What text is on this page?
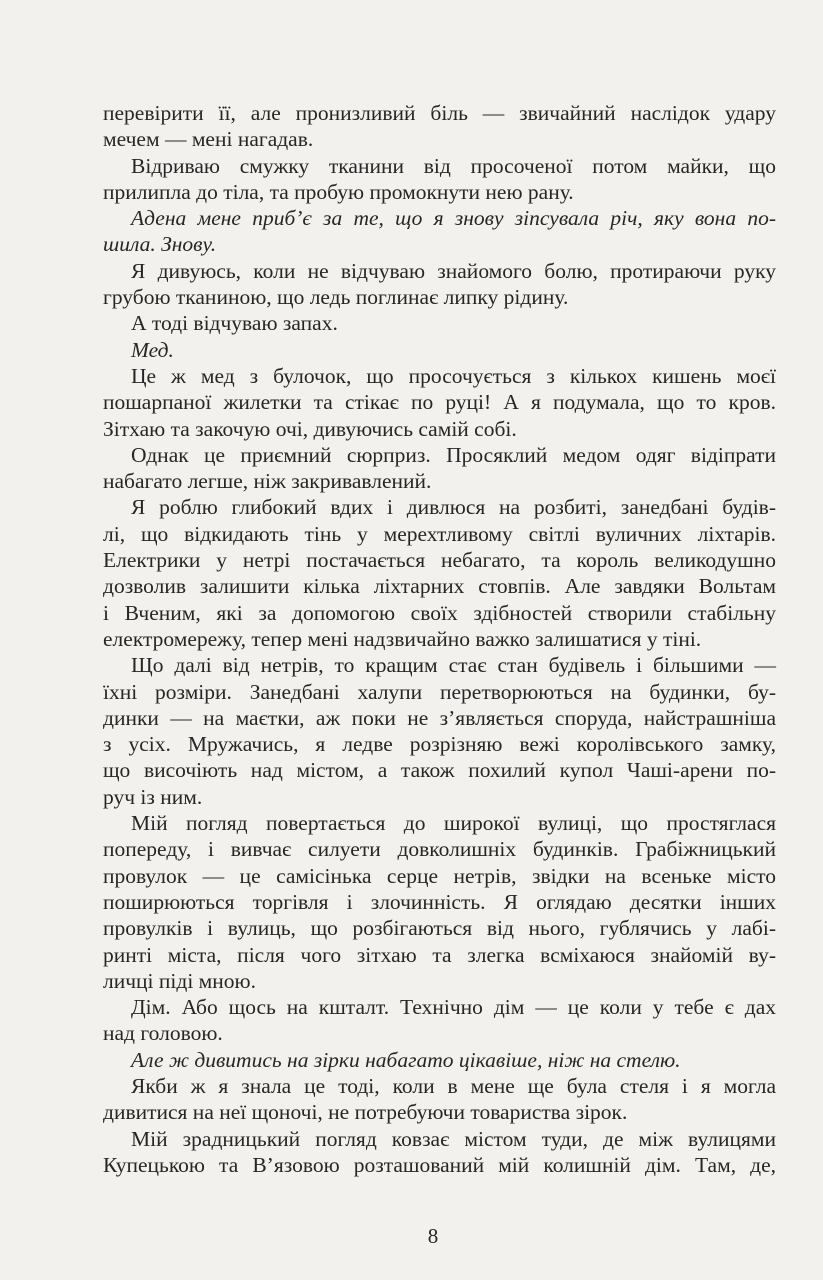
перевірити її, але пронизливий біль — звичайний наслідок удару
мечем — мені нагадав.
Відриваю смужку тканини від просоченої потом майки, що
прилипла до тіла, та пробую промокнути нею рану.
Адена мене приб’є за те, що я знову зіпсувала річ, яку вона по-
шила. Знову.
Я дивуюсь, коли не відчуваю знайомого болю, протираючи руку
грубою тканиною, що ледь поглинає липку рідину.
А тоді відчуваю запах.
Мед.
Це ж мед з булочок, що просочується з кількох кишень моєї
пошарпаної жилетки та стікає по руці! А я подумала, що то кров.
Зітхаю та закочую очі, дивуючись самій собі.
Однак це приємний сюрприз. Просяклий медом одяг відіпрати
набагато легше, ніж закривавлений.
Я роблю глибокий вдих і дивлюся на розбиті, занедбані будів-
лі, що відкидають тінь у мерехтливому світлі вуличних ліхтарів.
Електрики у нетрі постачається небагато, та король великодушно
дозволив залишити кілька ліхтарних стовпів. Але завдяки Вольтам
і Вченим, які за допомогою своїх здібностей створили стабільну
електромережу, тепер мені надзвичайно важко залишатися у тіні.
Що далі від нетрів, то кращим стає стан будівель і більшими —
їхні розміри. Занедбані халупи перетворюються на будинки, бу-
динки — на маєтки, аж поки не з’являється споруда, найстрашніша
з усіх. Мружачись, я ледве розрізняю вежі королівського замку,
що височіють над містом, а також похилий купол Чаші-арени по-
руч із ним.
Мій погляд повертається до широкої вулиці, що простяглася
попереду, і вивчає силуети довколишніх будинків. Грабіжницький
провулок — це самісінька серце нетрів, звідки на всеньке місто
поширюються торгівля і злочинність. Я оглядаю десятки інших
провулків і вулиць, що розбігаються від нього, гублячись у лабі-
ринті міста, після чого зітхаю та злегка всміхаюся знайомій ву-
личці піді мною.
Дім. Або щось на кшталт. Технічно дім — це коли у тебе є дах
над головою.
Але ж дивитись на зірки набагато цікавіше, ніж на стелю.
Якби ж я знала це тоді, коли в мене ще була стеля і я могла
дивитися на неї щоночі, не потребуючи товариства зірок.
Мій зрадницький погляд ковзає містом туди, де між вулицями
Купецькою та В’язовою розташований мій колишній дім. Там, де,
8
